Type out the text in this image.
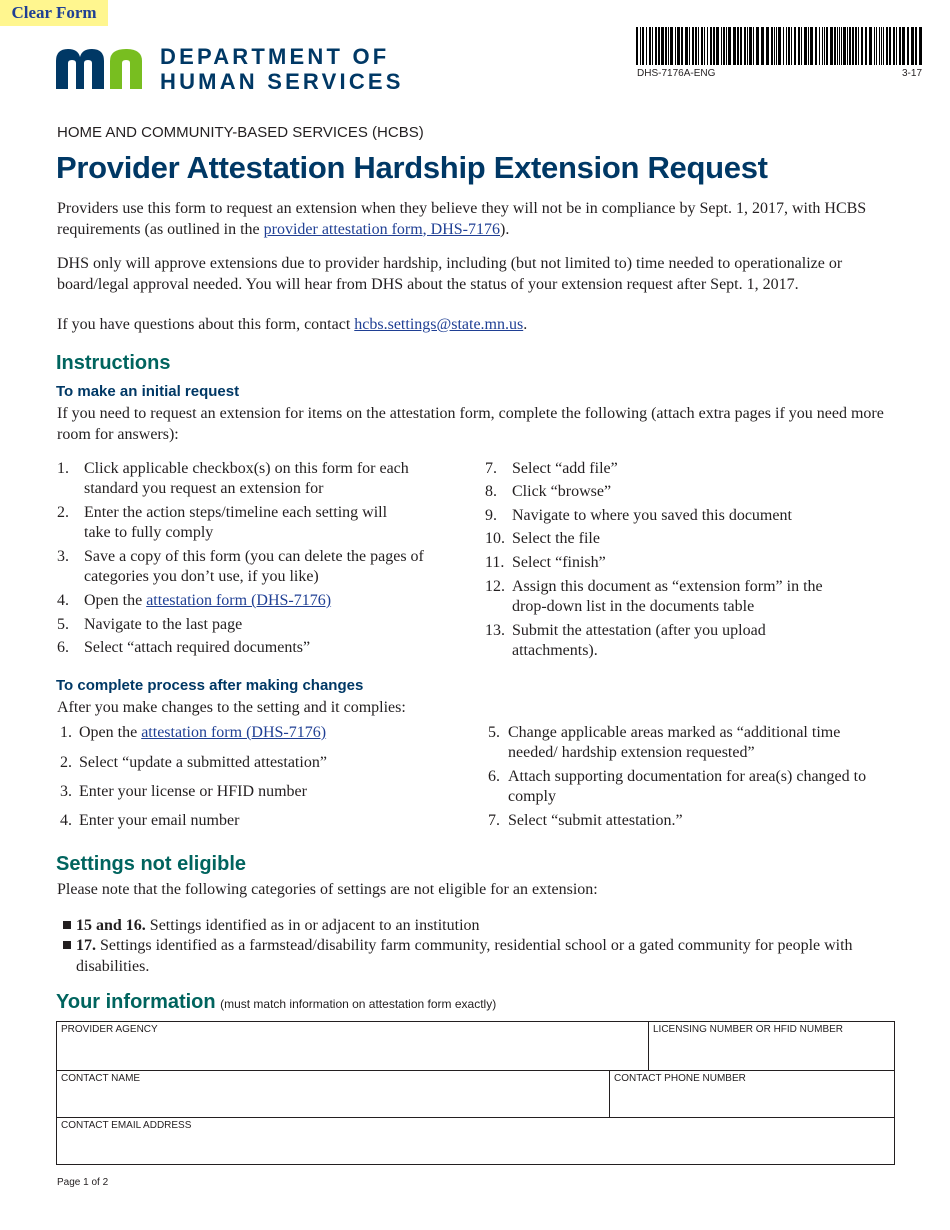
Clear Form
DEPARTMENT OF
HUMAN SERVICES	DHS-7176A-ENG	3-17
HOME AND COMMUNITY-BASED SERVICES (HCBS)
Provider Attestation Hardship Extension Request
Providers use this form to request an extension when they believe they will not be in compliance by Sept. 1, 2017, with HCBS requirements (as outlined in the provider attestation form, DHS-7176).
DHS only will approve extensions due to provider hardship, including (but not limited to) time needed to operationalize or board/legal approval needed. You will hear from DHS about the status of your extension request after Sept. 1, 2017.
If you have questions about this form, contact hcbs.settings@state.mn.us.
Instructions
To make an initial request
If you need to request an extension for items on the attestation form, complete the following (attach extra pages if you need more room for answers):
1. Click applicable checkbox(s) on this form for each standard you request an extension for
2. Enter the action steps/timeline each setting will take to fully comply
3. Save a copy of this form (you can delete the pages of categories you don’t use, if you like)
4. Open the attestation form (DHS-7176)
5. Navigate to the last page
6. Select “attach required documents”
7. Select “add file”
8. Click “browse”
9. Navigate to where you saved this document
10. Select the file
11. Select “finish”
12. Assign this document as “extension form” in the drop-down list in the documents table
13. Submit the attestation (after you upload attachments).
To complete process after making changes
After you make changes to the setting and it complies:
1. Open the attestation form (DHS-7176)
2. Select “update a submitted attestation”
3. Enter your license or HFID number
4. Enter your email number
5. Change applicable areas marked as “additional time needed/ hardship extension requested”
6. Attach supporting documentation for area(s) changed to comply
7. Select “submit attestation.”
Settings not eligible
Please note that the following categories of settings are not eligible for an extension:
15 and 16. Settings identified as in or adjacent to an institution
17. Settings identified as a farmstead/disability farm community, residential school or a gated community for people with disabilities.
Your information (must match information on attestation form exactly)
PROVIDER AGENCY	LICENSING NUMBER OR HFID NUMBER
CONTACT NAME	CONTACT PHONE NUMBER
CONTACT EMAIL ADDRESS
Page 1 of 2
